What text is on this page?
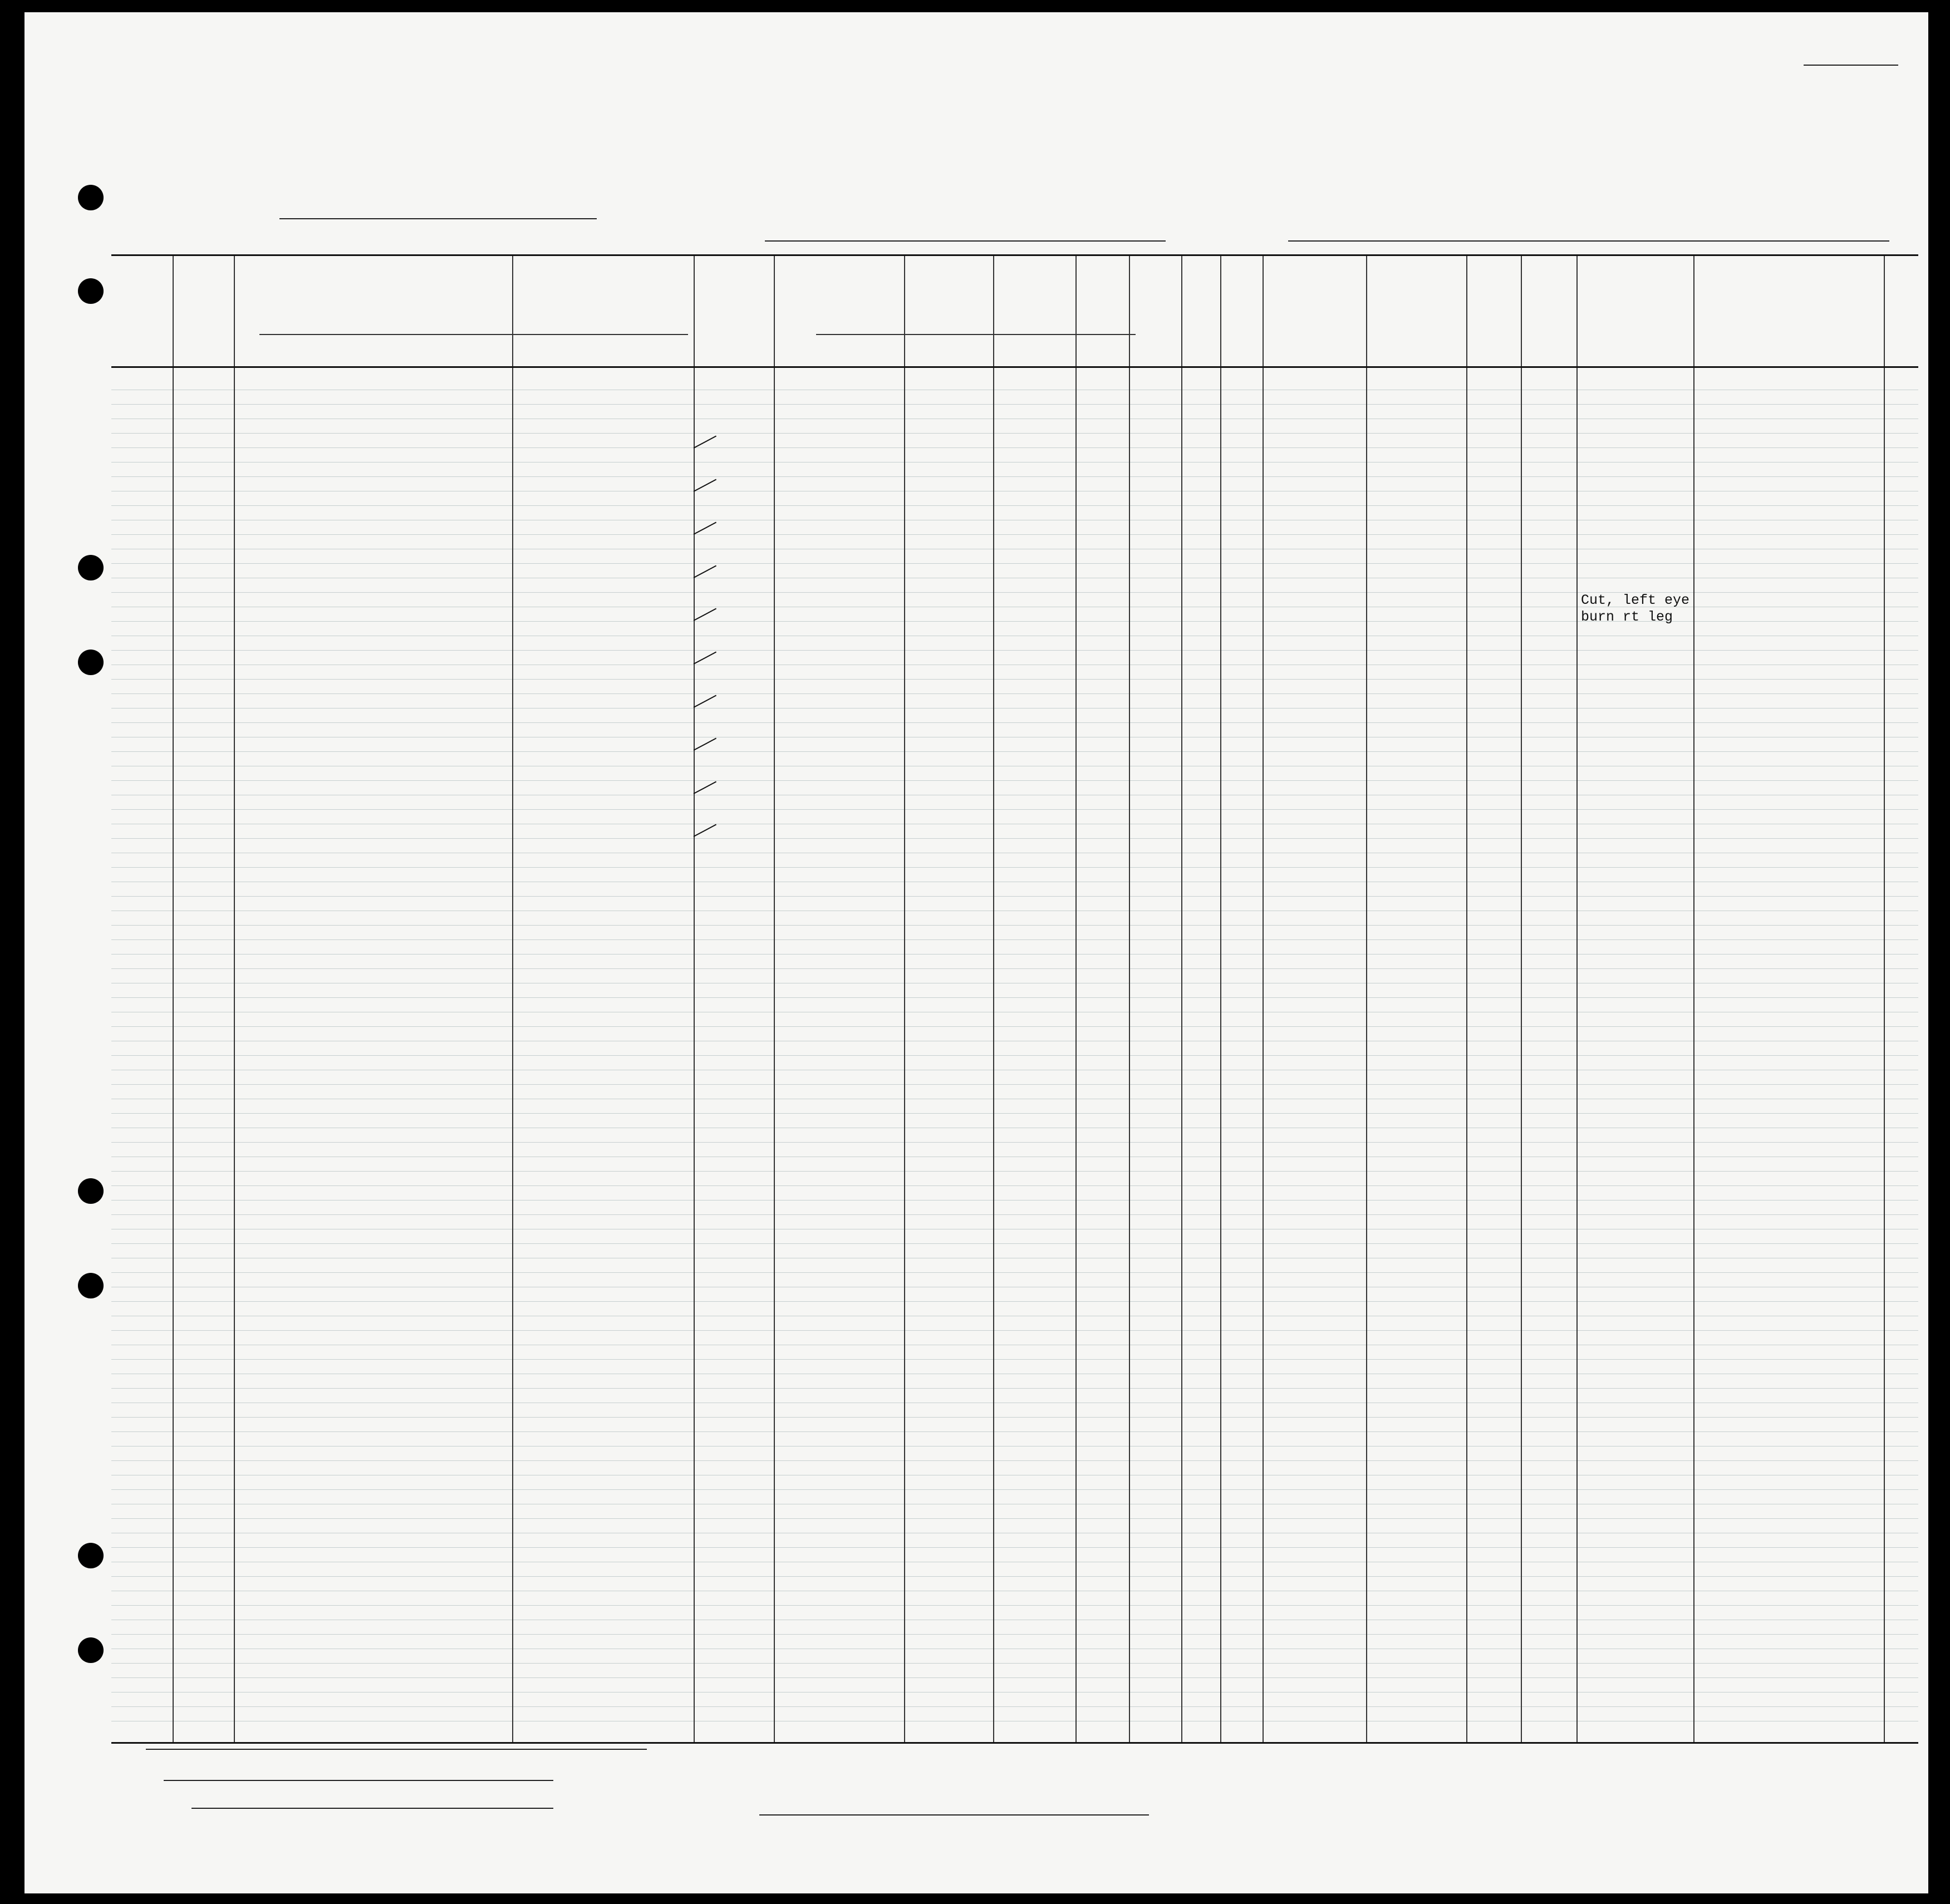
Cut, left eye
burn rt leg
